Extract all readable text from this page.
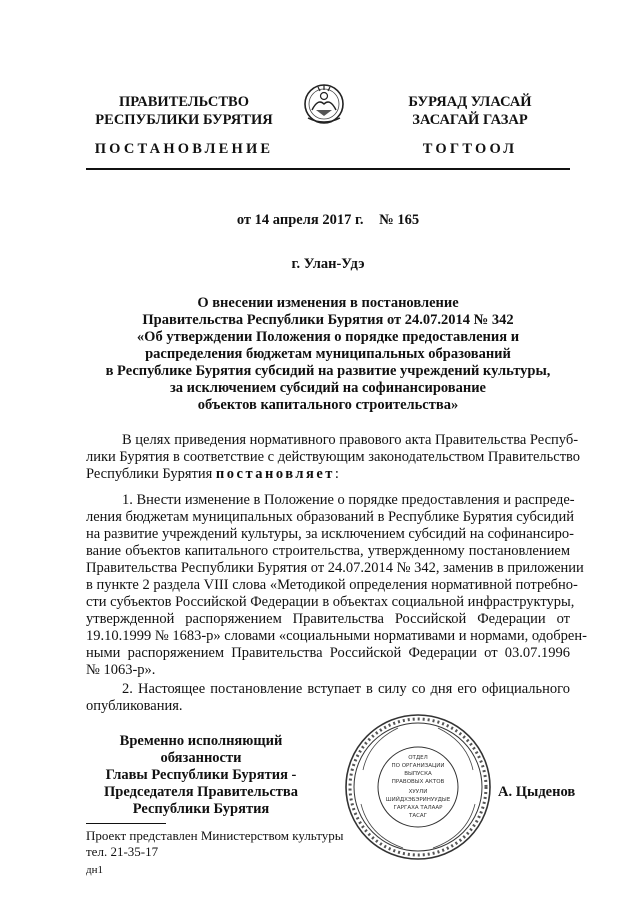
ПРАВИТЕЛЬСТВО
РЕСПУБЛИКИ БУРЯТИЯ
БУРЯАД УЛАСАЙ
ЗАСАГАЙ ГАЗАР
ПОСТАНОВЛЕНИЕ	ТОГТООЛ
от 14 апреля 2017 г. № 165
г. Улан-Удэ
О внесении изменения в постановление
Правительства Республики Бурятия от 24.07.2014 № 342
«Об утверждении Положения о порядке предоставления и
распределения бюджетам муниципальных образований
в Республике Бурятия субсидий на развитие учреждений культуры,
за исключением субсидий на софинансирование
объектов капитального строительства»
В целях приведения нормативного правового акта Правительства Респуб-
лики Бурятия в соответствие с действующим законодательством Правительство
Республики Бурятия постановляет:
1. Внести изменение в Положение о порядке предоставления и распреде-
ления бюджетам муниципальных образований в Республике Бурятия субсидий
на развитие учреждений культуры, за исключением субсидий на софинансиро-
вание объектов капитального строительства, утвержденному постановлением
Правительства Республики Бурятия от 24.07.2014 № 342, заменив в приложении
в пункте 2 раздела VIII слова «Методикой определения нормативной потребно-
сти субъектов Российской Федерации в объектах социальной инфраструктуры,
утвержденной распоряжением Правительства Российской Федерации от
19.10.1999 № 1683-р» словами «социальными нормативами и нормами, одобрен-
ными распоряжением Правительства Российской Федерации от 03.07.1996
№ 1063-р».
2. Настоящее постановление вступает в силу со дня его официального
опубликования.
Временно исполняющий обязанности
Главы Республики Бурятия -
Председателя Правительства
Республики Бурятия
ОТДЕЛ
ПО ОРГАНИЗАЦИИ
ВЫПУСКА
ПРАВОВЫХ АКТОВ
ХУУЛИ
ШИЙДХЭБЭРИНУУДЫЕ
ГАРГАХА ТАЛААР
ТАСАГ
А. Цыденов
Проект представлен Министерством культуры
тел. 21-35-17
дн1
